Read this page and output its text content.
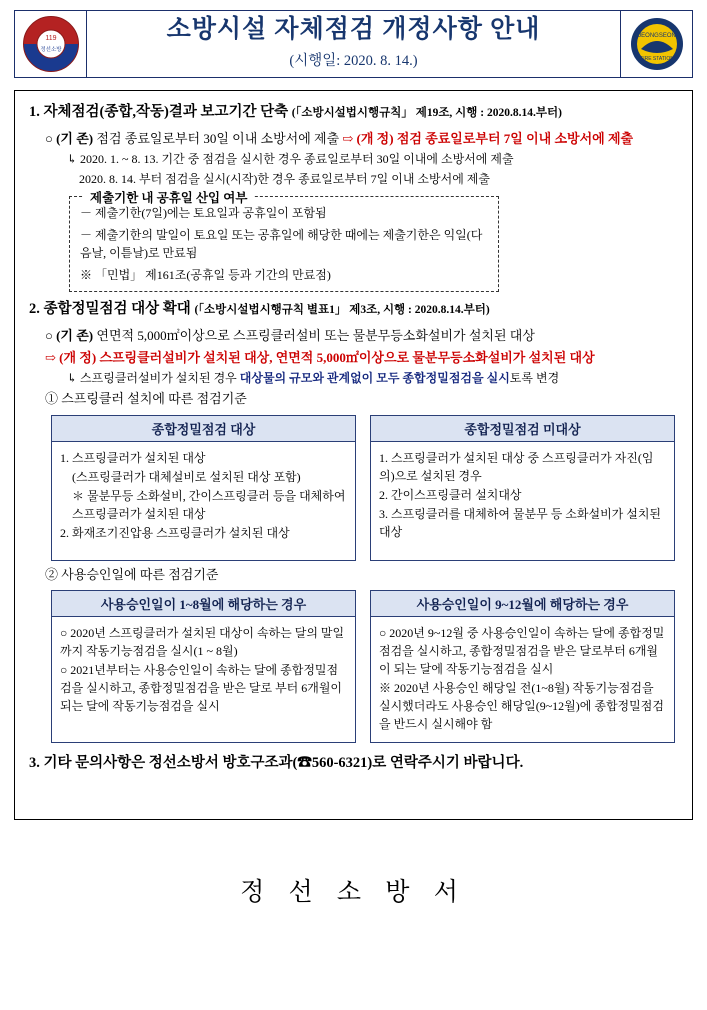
119
정선소방
소방시설 자체점검 개정사항 안내
(시행일: 2020. 8. 14.)
JEONGSEON
FIRE STATION
1. 자체점검(종합,작동)결과 보고기간 단축 (「소방시설법시행규칙」 제19조, 시행 : 2020.8.14.부터)
○ (기 존) 점검 종료일로부터 30일 이내 소방서에 제출 ⇨ (개 정) 점검 종료일로부터 7일 이내 소방서에 제출
↳ 2020. 1. ~ 8. 13. 기간 중 점검을 실시한 경우 종료일로부터 30일 이내에 소방서에 제출
2020. 8. 14. 부터 점검을 실시(시작)한 경우 종료일로부터 7일 이내 소방서에 제출
제출기한 내 공휴일 산입 여부
－ 제출기한(7일)에는 토요일과 공휴일이 포함됨
－ 제출기한의 말일이 토요일 또는 공휴일에 해당한 때에는 제출기한은 익일(다음날, 이튿날)로 만료됨
※ 「민법」 제161조(공휴일 등과 기간의 만료점)
2. 종합정밀점검 대상 확대 (「소방시설법시행규칙 별표1」 제3조, 시행 : 2020.8.14.부터)
○ (기 존) 연면적 5,000㎡이상으로 스프링클러설비 또는 물분무등소화설비가 설치된 대상
⇨ (개 정) 스프링클러설비가 설치된 대상, 연면적 5,000㎡이상으로 물분무등소화설비가 설치된 대상
↳ 스프링클러설비가 설치된 경우 대상물의 규모와 관계없이 모두 종합정밀점검을 실시토록 변경
① 스프링클러 설치에 따른 점검기준
종합정밀점검 대상
1. 스프링클러가 설치된 대상
(스프링클러가 대체설비로 설치된 대상 포함)
＊ 물분무등 소화설비, 간이스프링클러 등을 대체하여 스프링클러가 설치된 대상
2. 화재조기진압용 스프링클러가 설치된 대상
종합정밀점검 미대상
1. 스프링클러가 설치된 대상 중 스프링클러가 자진(임의)으로 설치된 경우
2. 간이스프링클러 설치대상
3. 스프링클러를 대체하여 물분무 등 소화설비가 설치된 대상
② 사용승인일에 따른 점검기준
사용승인일이 1~8월에 해당하는 경우
○ 2020년 스프링클러가 설치된 대상이 속하는 달의 말일까지 작동기능점검을 실시(1 ~ 8월)
○ 2021년부터는 사용승인일이 속하는 달에 종합정밀점검을 실시하고, 종합정밀점검을 받은 달로 부터 6개월이 되는 달에 작동기능점검을 실시
사용승인일이 9~12월에 해당하는 경우
○ 2020년 9~12월 중 사용승인일이 속하는 달에 종합정밀점검을 실시하고, 종합정밀점검을 받은 달로부터 6개월이 되는 달에 작동기능점검을 실시
※ 2020년 사용승인 해당일 전(1~8월) 작동기능점검을 실시했더라도 사용승인 해당일(9~12월)에 종합정밀점검을 반드시 실시해야 함
3. 기타 문의사항은 정선소방서 방호구조과(☎560-6321)로 연락주시기 바랍니다.
정 선 소 방 서
